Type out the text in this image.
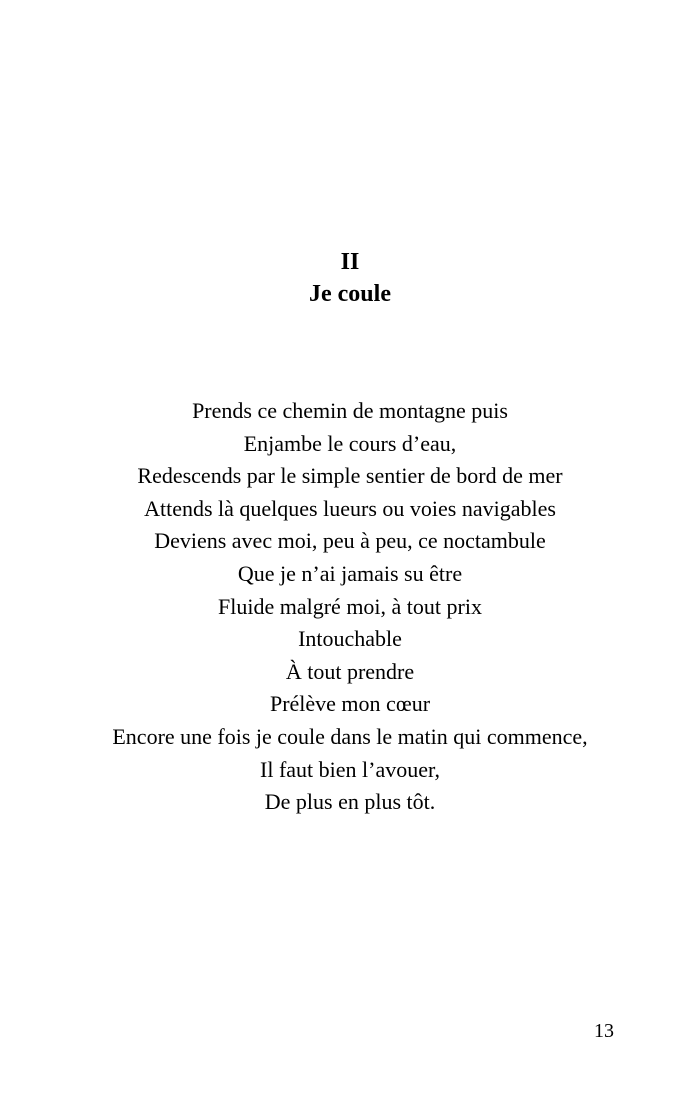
II
Je coule
Prends ce chemin de montagne puis
Enjambe le cours d’eau,
Redescends par le simple sentier de bord de mer
Attends là quelques lueurs ou voies navigables
Deviens avec moi, peu à peu, ce noctambule
Que je n’ai jamais su être
Fluide malgré moi, à tout prix
Intouchable
À tout prendre
Prélève mon cœur
Encore une fois je coule dans le matin qui commence,
Il faut bien l’avouer,
De plus en plus tôt.
13
